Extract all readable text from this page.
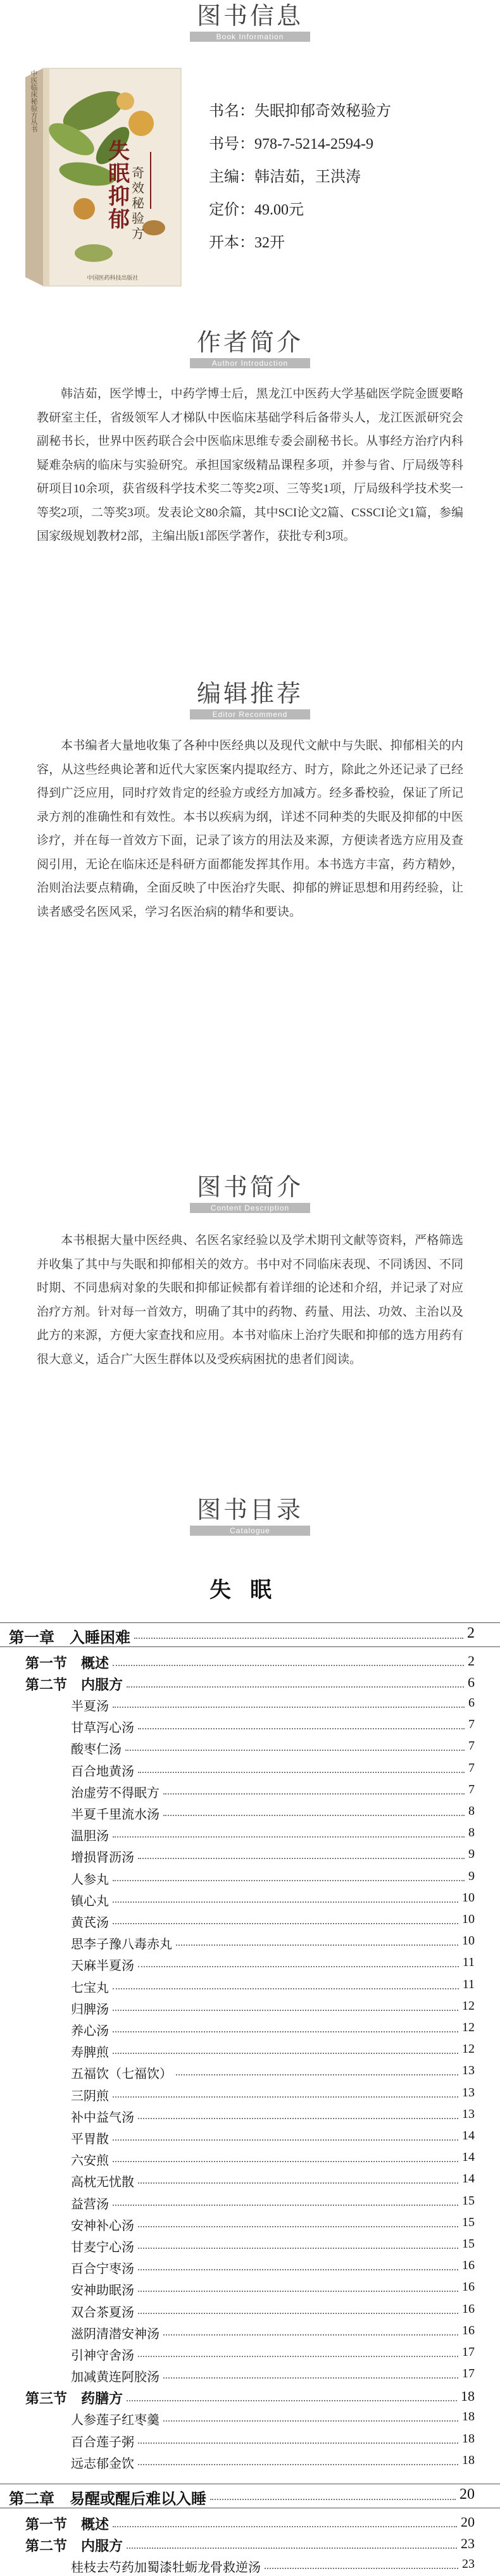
图书信息
Book Information
中医临床秘验方丛书
失
眠
抑
郁
奇
效
秘
验
方
中国医药科技出版社
书名：失眠抑郁奇效秘验方
书号：978-7-5214-2594-9
主编：韩洁茹，王洪涛
定价：49.00元
开本：32开
作者简介
Author Introduction

韩洁茹，医学博士，中药学博士后，黑龙江中医药大学基础医学院金匮要略教研室主任，省级领军人才梯队中医临床基础学科后备带头人，龙江医派研究会副秘书长，世界中医药联合会中医临床思维专委会副秘书长。从事经方治疗内科疑难杂病的临床与实验研究。承担国家级精品课程多项，并参与省、厅局级等科研项目10余项，获省级科学技术奖二等奖2项、三等奖1项，厅局级科学技术奖一等奖2项，二等奖3项。发表论文80余篇，其中SCI论文2篇、CSSCI论文1篇，参编国家级规划教材2部，主编出版1部医学著作，获批专利3项。

编辑推荐
Editor Recommend

本书编者大量地收集了各种中医经典以及现代文献中与失眠、抑郁相关的内容，从这些经典论著和近代大家医案内提取经方、时方，除此之外还记录了已经得到广泛应用，同时疗效肯定的经验方或经方加减方。经多番校验，保证了所记录方剂的准确性和有效性。本书以疾病为纲，详述不同种类的失眠及抑郁的中医诊疗，并在每一首效方下面，记录了该方的用法及来源，方便读者选方应用及查阅引用，无论在临床还是科研方面都能发挥其作用。本书选方丰富，药方精妙，治则治法要点精确，全面反映了中医治疗失眠、抑郁的辨证思想和用药经验，让读者感受名医风采，学习名医治病的精华和要诀。

图书简介
Content Description

本书根据大量中医经典、名医名家经验以及学术期刊文献等资料，严格筛选并收集了其中与失眠和抑郁相关的效方。书中对不同临床表现、不同诱因、不同时期、不同患病对象的失眠和抑郁证候都有着详细的论述和介绍，并记录了对应治疗方剂。针对每一首效方，明确了其中的药物、药量、用法、功效、主治以及此方的来源，方便大家查找和应用。本书对临床上治疗失眠和抑郁的选方用药有很大意义，适合广大医生群体以及受疾病困扰的患者们阅读。

图书目录
Catalogue
失眠
第一章　入睡困难	2
第一节　概述	2
第二节　内服方	6
半夏汤	6
甘草泻心汤	7
酸枣仁汤	7
百合地黄汤	7
治虚劳不得眠方	7
半夏千里流水汤	8
温胆汤	8
增损肾沥汤	9
人参丸	9
镇心丸	10
黄芪汤	10
思李子豫八毒赤丸	10
天麻半夏汤	11
七宝丸	11
归脾汤	12
养心汤	12
寿脾煎	12
五福饮（七福饮）	13
三阴煎	13
补中益气汤	13
平胃散	14
六安煎	14
高枕无忧散	14
益营汤	15
安神补心汤	15
甘麦宁心汤	15
百合宁枣汤	16
安神助眠汤	16
双合茶夏汤	16
滋阴清潜安神汤	16
引神守舍汤	17
加减黄连阿胶汤	17
第三节　药膳方	18
人参莲子红枣羹	18
百合莲子粥	18
远志郁金饮	18
第二章　易醒或醒后难以入睡	20
第一节　概述	20
第二节　内服方	23
桂枝去芍药加蜀漆牡蛎龙骨救逆汤	23
